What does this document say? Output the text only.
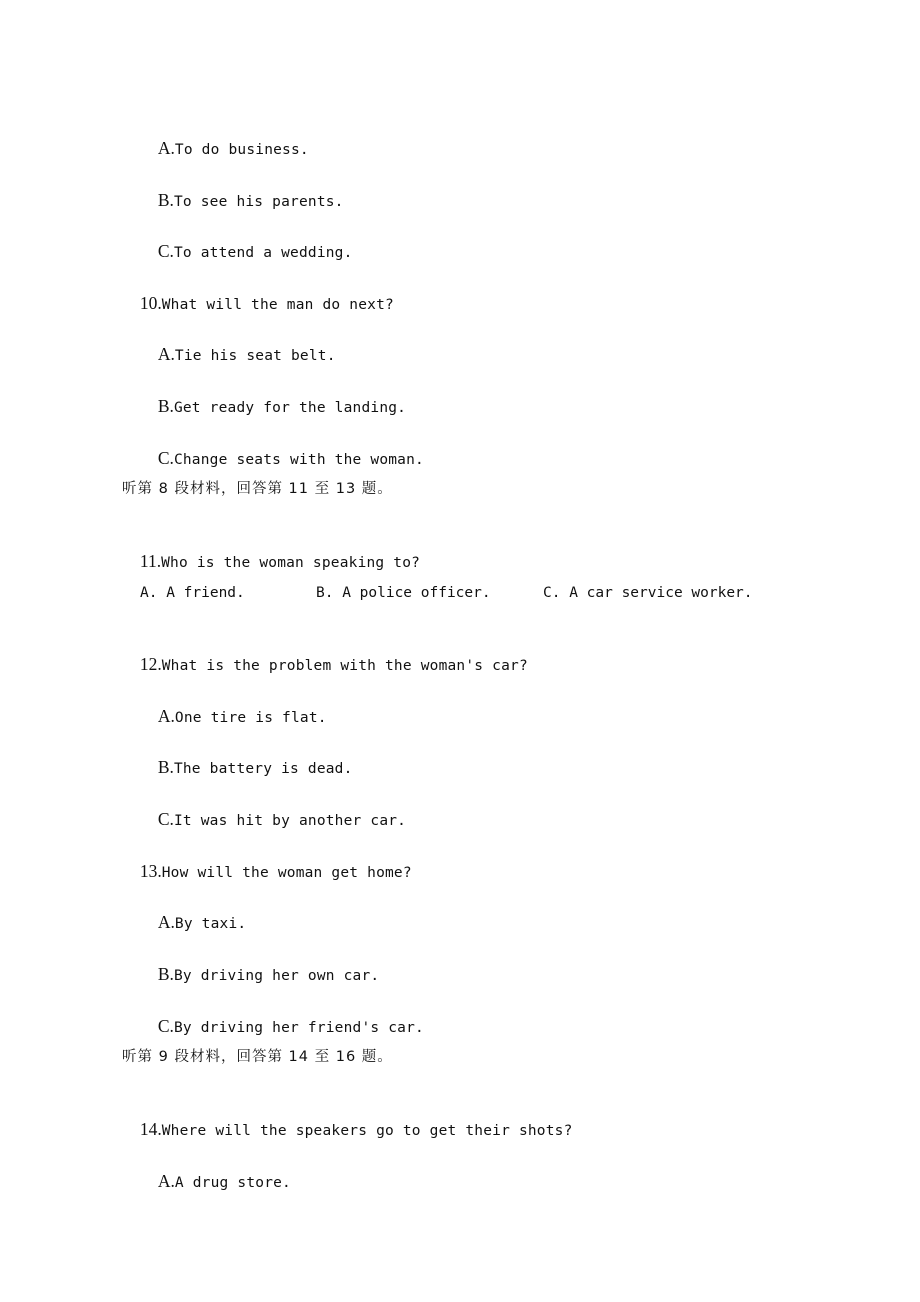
A.To do business.

B.To see his parents.

C.To attend a wedding.

10.What will the man do next?

A.Tie his seat belt.

B.Get ready for the landing.

C.Change seats with the woman.

听第 8 段材料，回答第 11 至 13 题。

11.Who is the woman speaking to?

A. A friend.	B. A police officer.	C. A car service worker.

12.What is the problem with the woman's car?

A.One tire is flat.

B.The battery is dead.

C.It was hit by another car.

13.How will the woman get home?

A.By taxi.

B.By driving her own car.

C.By driving her friend's car.

听第 9 段材料，回答第 14 至 16 题。

14.Where will the speakers go to get their shots?

A.A drug store.
